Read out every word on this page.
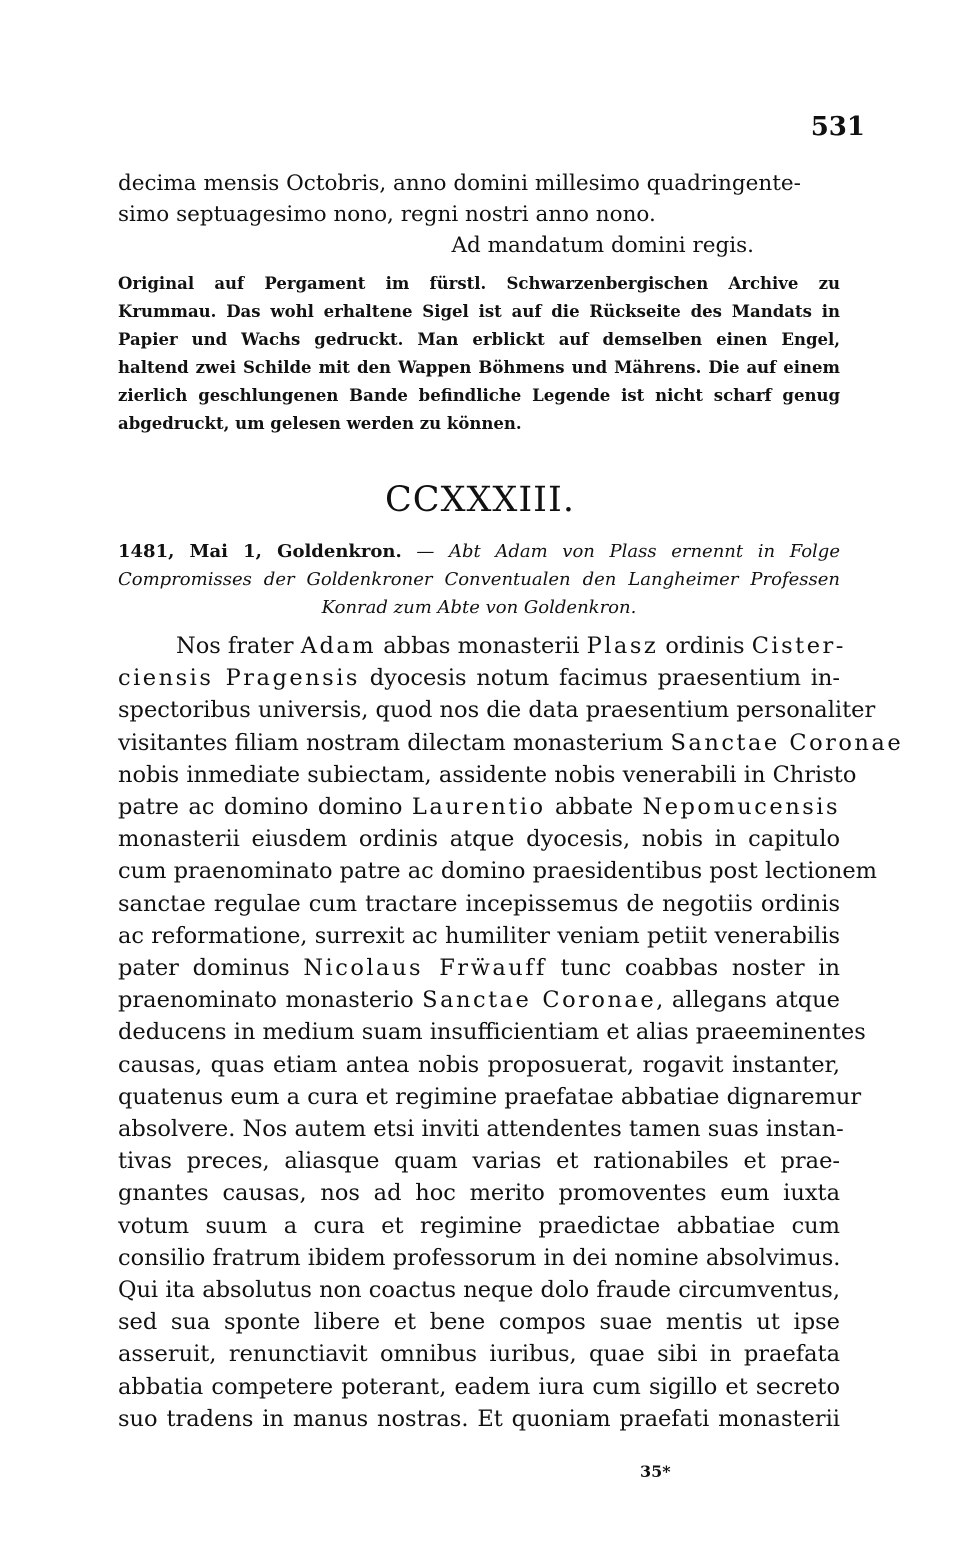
531
decima mensis Octobris, anno domini millesimo quadringente-
simo septuagesimo nono, regni nostri anno nono.
Ad mandatum domini regis.
Original auf Pergament im fürstl. Schwarzenbergischen Archive zu Krummau. Das wohl erhaltene Sigel ist auf die Rückseite des Mandats in Papier und Wachs gedruckt. Man erblickt auf demselben einen Engel, haltend zwei Schilde mit den Wappen Böhmens und Mährens. Die auf einem zierlich geschlungenen Bande befindliche Legende ist nicht scharf genug abgedruckt, um gelesen werden zu können.
CCXXXIII.
1481, Mai 1, Goldenkron. — Abt Adam von Plass ernennt in Folge
Compromisses der Goldenkroner Conventualen den Langheimer Professen
Konrad zum Abte von Goldenkron.
Nos frater Adam abbas monasterii Plasz ordinis Cister-
ciensis Pragensis dyocesis notum facimus praesentium in-
spectoribus universis, quod nos die data praesentium personaliter
visitantes filiam nostram dilectam monasterium Sanctae Coronae
nobis inmediate subiectam, assidente nobis venerabili in Christo
patre ac domino domino Laurentio abbate Nepomucensis
monasterii eiusdem ordinis atque dyocesis, nobis in capitulo
cum praenominato patre ac domino praesidentibus post lectionem
sanctae regulae cum tractare incepissemus de negotiis ordinis
ac reformatione, surrexit ac humiliter veniam petiit venerabilis
pater dominus Nicolaus Frẅauff tunc coabbas noster in
praenominato monasterio Sanctae Coronae, allegans atque
deducens in medium suam insufficientiam et alias praeeminentes
causas, quas etiam antea nobis proposuerat, rogavit instanter,
quatenus eum a cura et regimine praefatae abbatiae dignaremur
absolvere. Nos autem etsi inviti attendentes tamen suas instan-
tivas preces, aliasque quam varias et rationabiles et prae-
gnantes causas, nos ad hoc merito promoventes eum iuxta
votum suum a cura et regimine praedictae abbatiae cum
consilio fratrum ibidem professorum in dei nomine absolvimus.
Qui ita absolutus non coactus neque dolo fraude circumventus,
sed sua sponte libere et bene compos suae mentis ut ipse
asseruit, renunctiavit omnibus iuribus, quae sibi in praefata
abbatia competere poterant, eadem iura cum sigillo et secreto
suo tradens in manus nostras. Et quoniam praefati monasterii
35*
